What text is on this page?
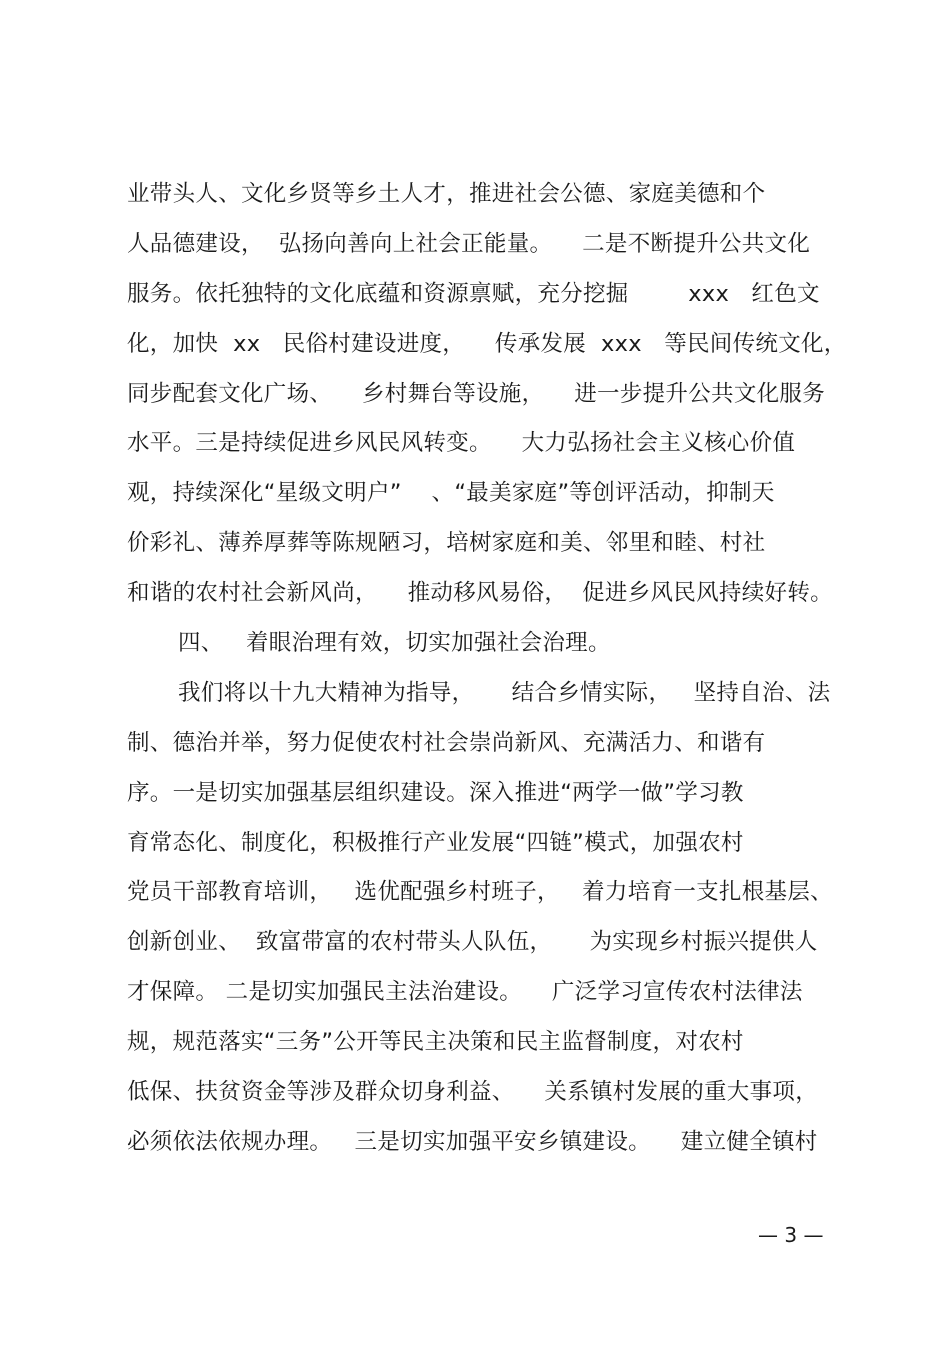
业带头人、文化乡贤等乡土人才，推进社会公德、家庭美德和个
人品德建设，  弘扬向善向上社会正能量。    二是不断提升公共文化
服务。依托独特的文化底蕴和资源禀赋，充分挖掘        xxx   红色文
化，加快  xx   民俗村建设进度，    传承发展  xxx   等民间传统文化，
同步配套文化广场、    乡村舞台等设施，    进一步提升公共文化服务
水平。三是持续促进乡风民风转变。    大力弘扬社会主义核心价值
观，持续深化“星级文明户”    、“最美家庭”等创评活动，抑制天
价彩礼、薄养厚葬等陈规陋习，培树家庭和美、邻里和睦、村社
和谐的农村社会新风尚，    推动移风易俗，  促进乡风民风持续好转。
四、   着眼治理有效，切实加强社会治理。
我们将以十九大精神为指导，     结合乡情实际，   坚持自治、法
制、德治并举，努力促使农村社会崇尚新风、充满活力、和谐有
序。一是切实加强基层组织建设。深入推进“两学一做”学习教
育常态化、制度化，积极推行产业发展“四链”模式，加强农村
党员干部教育培训，   选优配强乡村班子，   着力培育一支扎根基层、
创新创业、  致富带富的农村带头人队伍，     为实现乡村振兴提供人
才保障。 二是切实加强民主法治建设。    广泛学习宣传农村法律法
规，规范落实“三务”公开等民主决策和民主监督制度，对农村
低保、扶贫资金等涉及群众切身利益、    关系镇村发展的重大事项，
必须依法依规办理。   三是切实加强平安乡镇建设。    建立健全镇村
— 3 —
